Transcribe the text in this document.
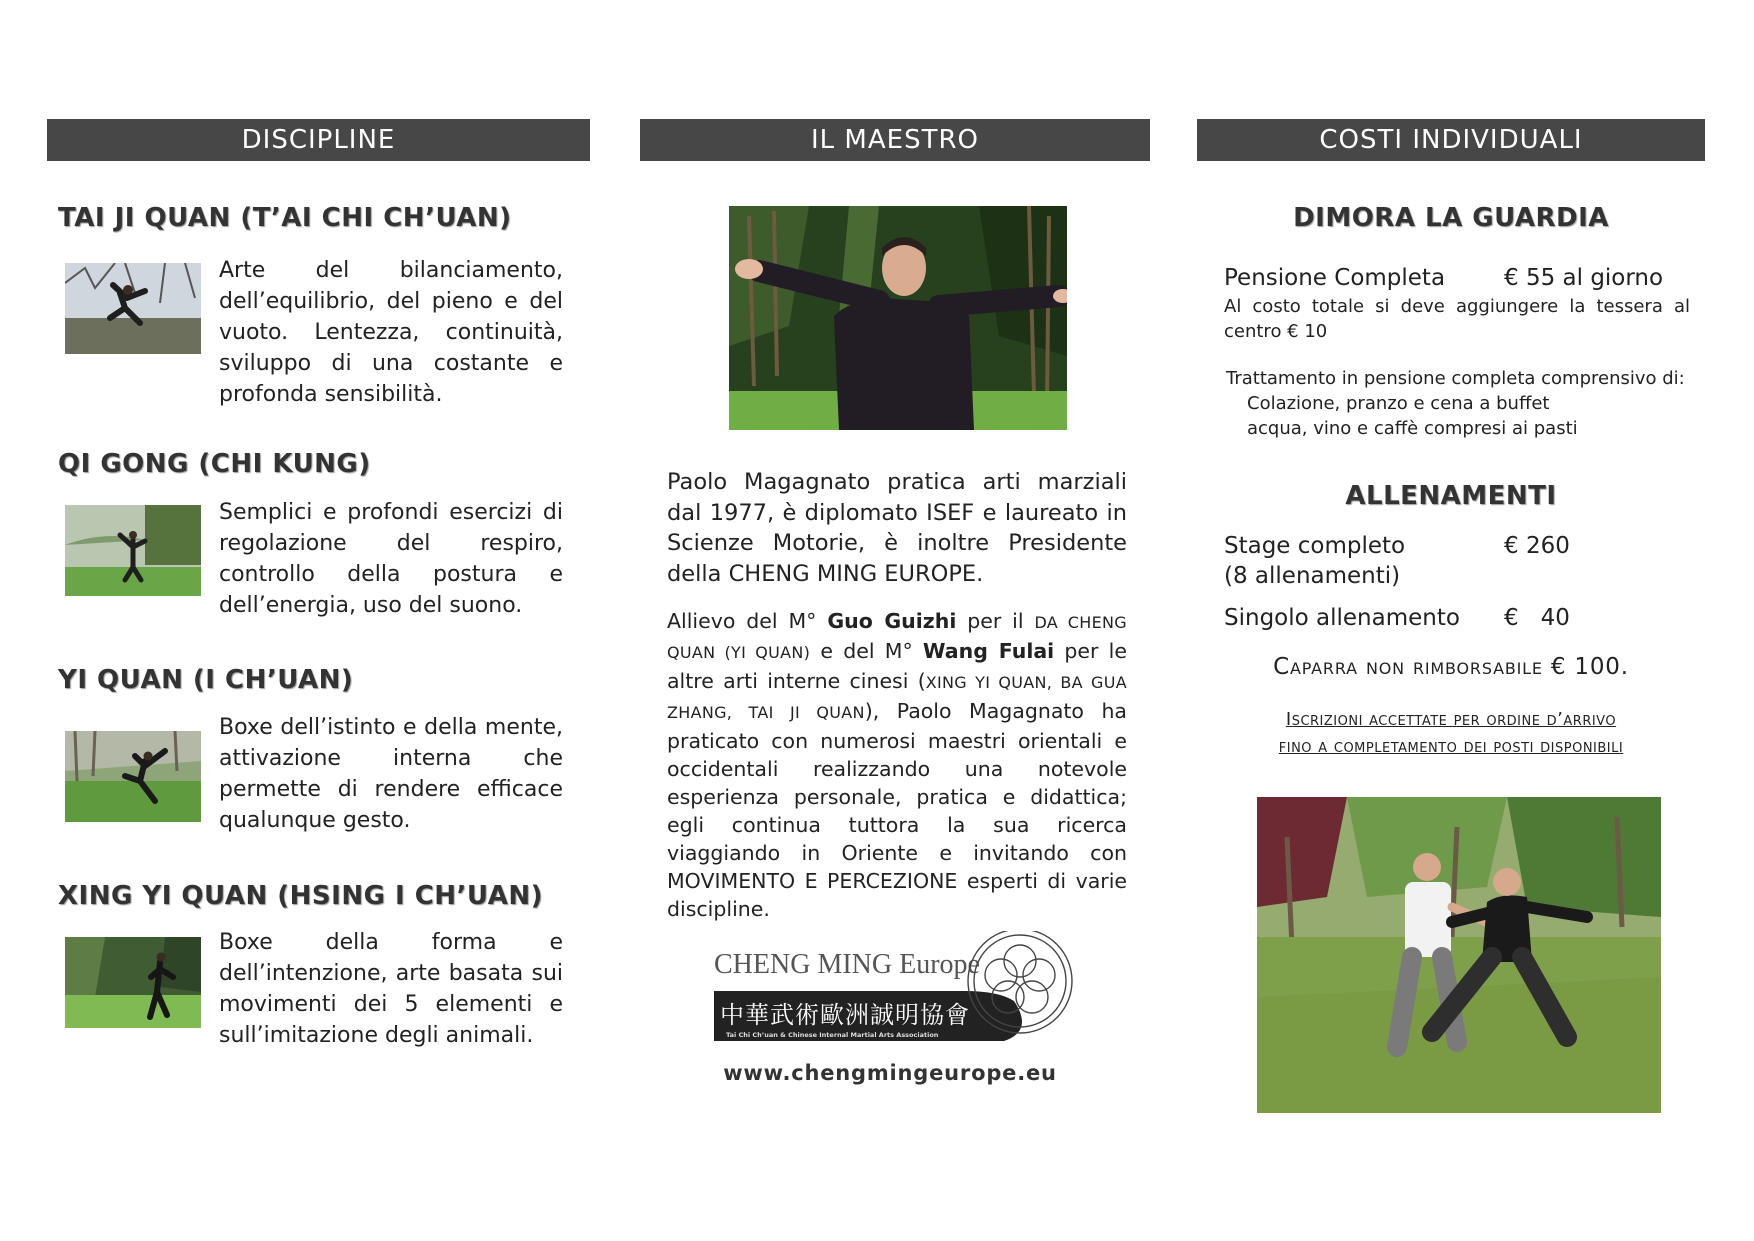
DISCIPLINE
TAI JI QUAN (T’AI CHI CH’UAN)
Arte del bilanciamento, dell’equilibrio, del pieno e del vuoto. Lentezza, continuità, sviluppo di una costante e profonda sensibilità.
QI GONG (CHI KUNG)
Semplici e profondi esercizi di regolazione del respiro, controllo della postura e dell’energia, uso del suono.
YI QUAN (I CH’UAN)
Boxe dell’istinto e della mente, attivazione interna che permette di rendere efficace qualunque gesto.
XING YI QUAN (HSING I CH’UAN)
Boxe della forma e dell’intenzione, arte basata sui movimenti dei 5 elementi e sull’imitazione degli animali.
IL MAESTRO
Paolo Magagnato pratica arti marziali dal 1977, è diplomato ISEF e laureato in Scienze Motorie, è inoltre Presidente della CHENG MING EUROPE.
Allievo del M° Guo Guizhi per il DA CHENG QUAN (YI QUAN) e del M° Wang Fulai per le altre arti interne cinesi (XING YI QUAN, BA GUA ZHANG, TAI JI QUAN), Paolo Magagnato ha praticato con numerosi maestri orientali e occidentali realizzando una notevole esperienza personale, pratica e didattica; egli continua tuttora la sua ricerca viaggiando in Oriente e invitando con MOVIMENTO E PERCEZIONE esperti di varie discipline.
CHENG MING Europe
中華武術歐洲誠明協會
Tai Chi Ch’uan & Chinese Internal Martial Arts Association
www.chengmingeurope.eu
COSTI INDIVIDUALI
DIMORA LA GUARDIA
Pensione Completa	€ 55 al giorno
Al costo totale si deve aggiungere la tessera al centro € 10
Trattamento in pensione completa comprensivo di:
Colazione, pranzo e cena a buffet
acqua, vino e caffè compresi ai pasti
ALLENAMENTI
Stage completo	€ 260
(8 allenamenti)
Singolo allenamento €   40
Caparra non rimborsabile € 100.
Iscrizioni accettate per ordine d’arrivo
fino a completamento dei posti disponibili
